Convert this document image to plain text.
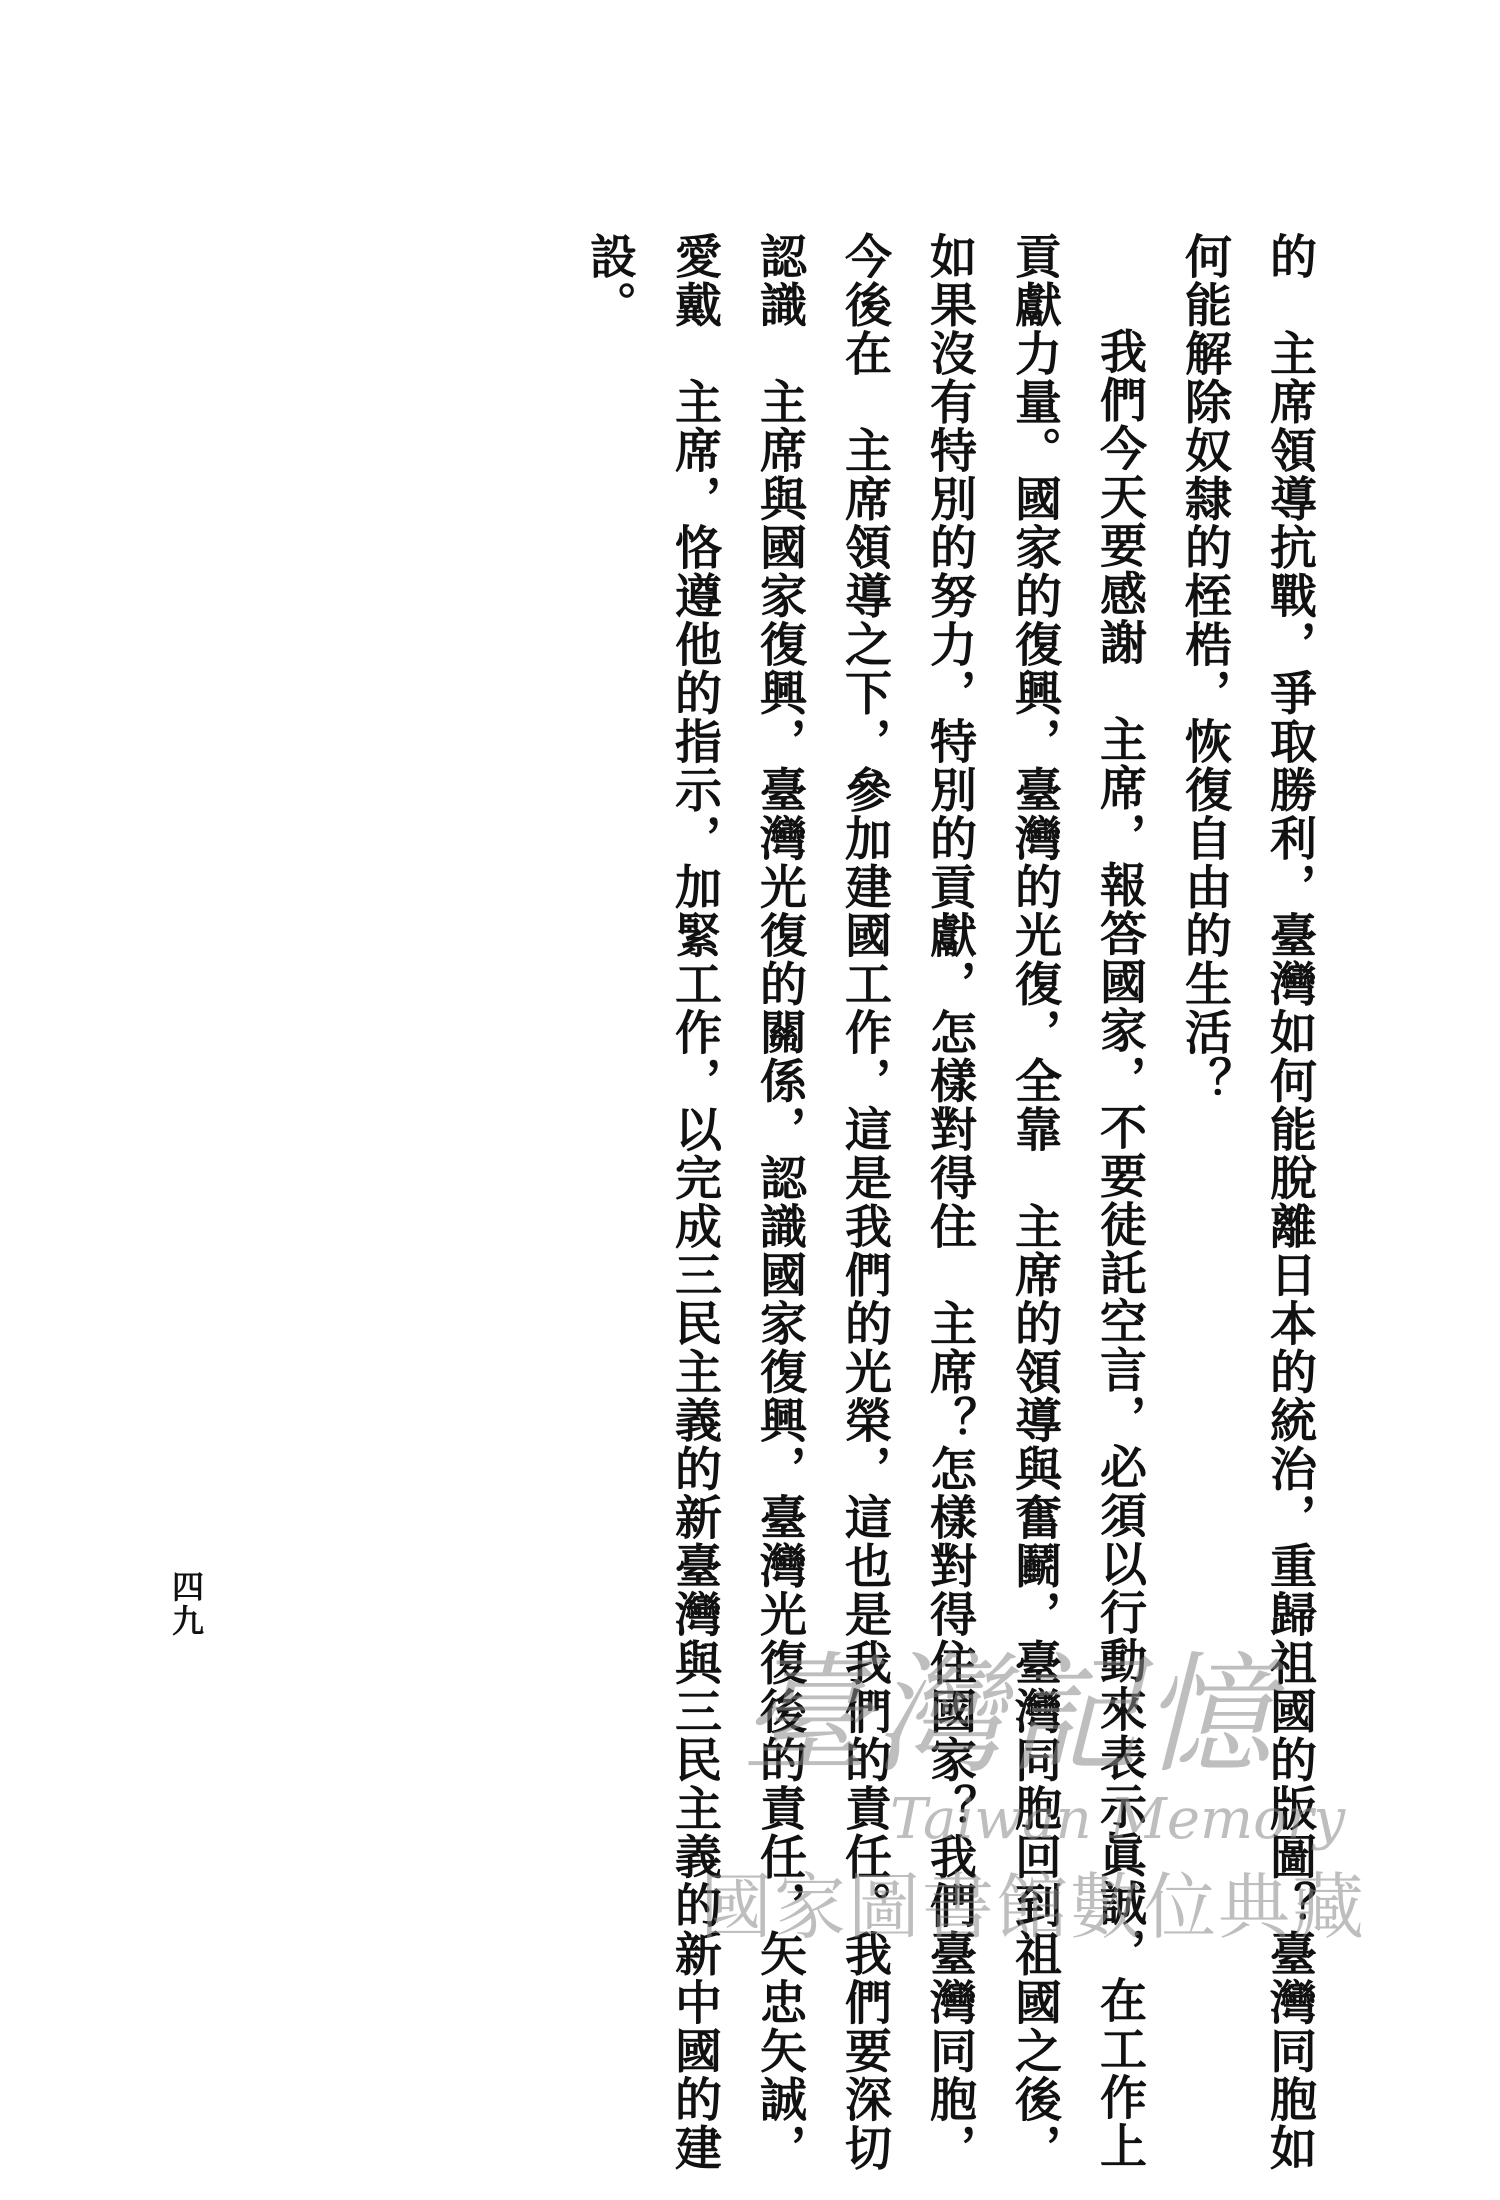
的　主席領導抗戰，爭取勝利，臺灣如何能脫離日本的統治，重歸祖國的版圖？臺灣同胞如
何能解除奴隸的桎梏，恢復自由的生活？
我們今天要感謝　主席，報答國家，不要徒託空言，必須以行動來表示眞誠，在工作上
貢獻力量。國家的復興，臺灣的光復，全靠　主席的領導與奮鬬，臺灣同胞回到祖國之後，
如果沒有特別的努力，特別的貢獻，怎樣對得住　主席？怎樣對得住國家？我們臺灣同胞，
今後在　主席領導之下，參加建國工作，這是我們的光榮，這也是我們的責任。我們要深切
認識　主席與國家復興，臺灣光復的關係，認識國家復興，臺灣光復後的責任，矢忠矢誠，
愛戴　主席，恪遵他的指示，加緊工作，以完成三民主義的新臺灣與三民主義的新中國的建
設。
四九
臺灣記憶
Taiwan Memory
國家圖書館數位典藏
